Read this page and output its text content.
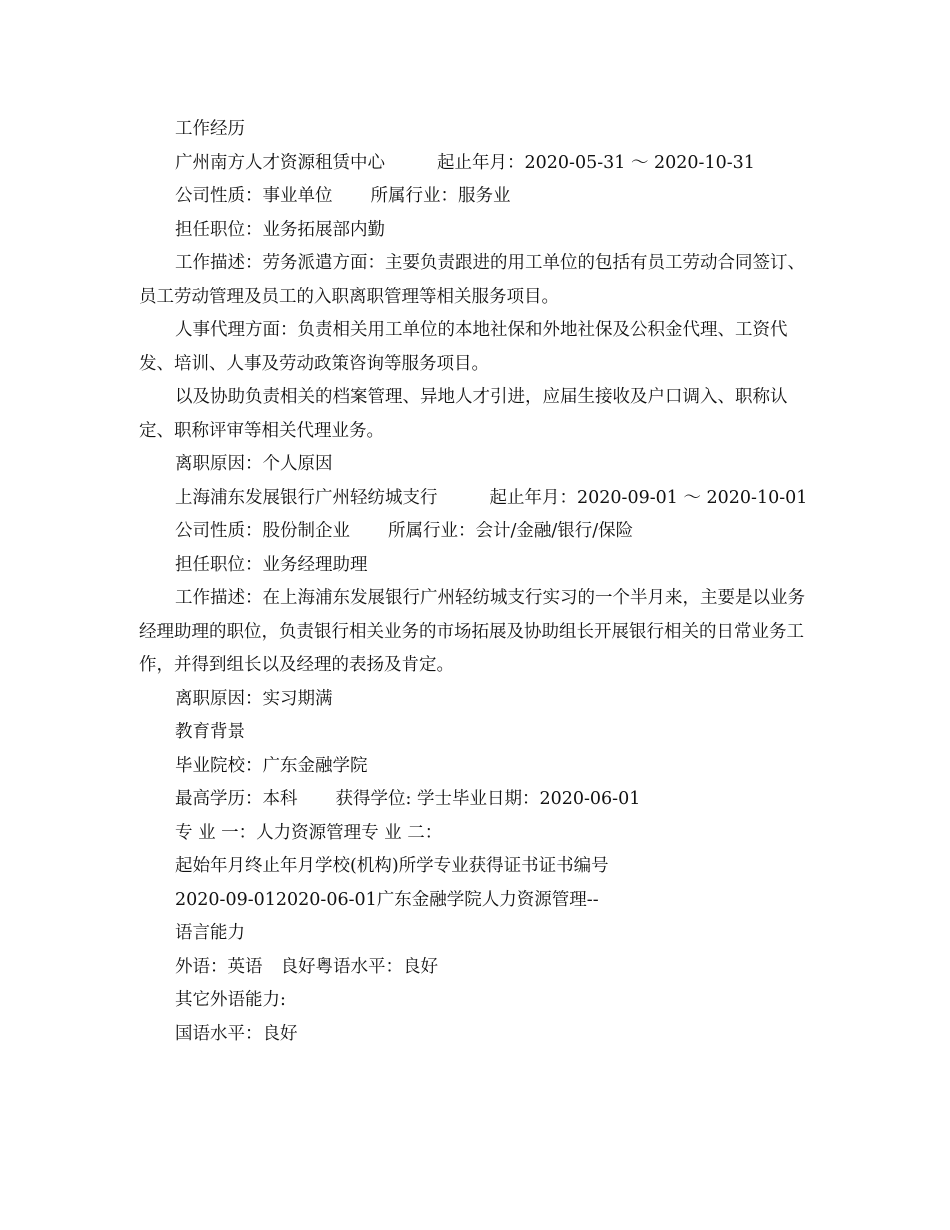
工作经历

广州南方人才资源租赁中心	起止年月：2020-05-31 ～ 2020-10-31

公司性质：事业单位 所属行业：服务业

担任职位：业务拓展部内勤

工作描述：劳务派遣方面：主要负责跟进的用工单位的包括有员工劳动合同签订、员工劳动管理及员工的入职离职管理等相关服务项目。

人事代理方面：负责相关用工单位的本地社保和外地社保及公积金代理、工资代发、培训、人事及劳动政策咨询等服务项目。

以及协助负责相关的档案管理、异地人才引进，应届生接收及户口调入、职称认定、职称评审等相关代理业务。

离职原因：个人原因

上海浦东发展银行广州轻纺城支行	起止年月：2020-09-01 ～ 2020-10-01

公司性质：股份制企业 所属行业：会计/金融/银行/保险

担任职位：业务经理助理

工作描述：在上海浦东发展银行广州轻纺城支行实习的一个半月来，主要是以业务经理助理的职位，负责银行相关业务的市场拓展及协助组长开展银行相关的日常业务工作，并得到组长以及经理的表扬及肯定。

离职原因：实习期满

教育背景

毕业院校：广东金融学院

最高学历：本科 获得学位: 学士毕业日期：2020-06-01

专 业 一：人力资源管理专 业 二：

起始年月终止年月学校(机构)所学专业获得证书证书编号

2020-09-012020-06-01广东金融学院人力资源管理--

语言能力

外语：英语 良好粤语水平：良好

其它外语能力:

国语水平：良好
